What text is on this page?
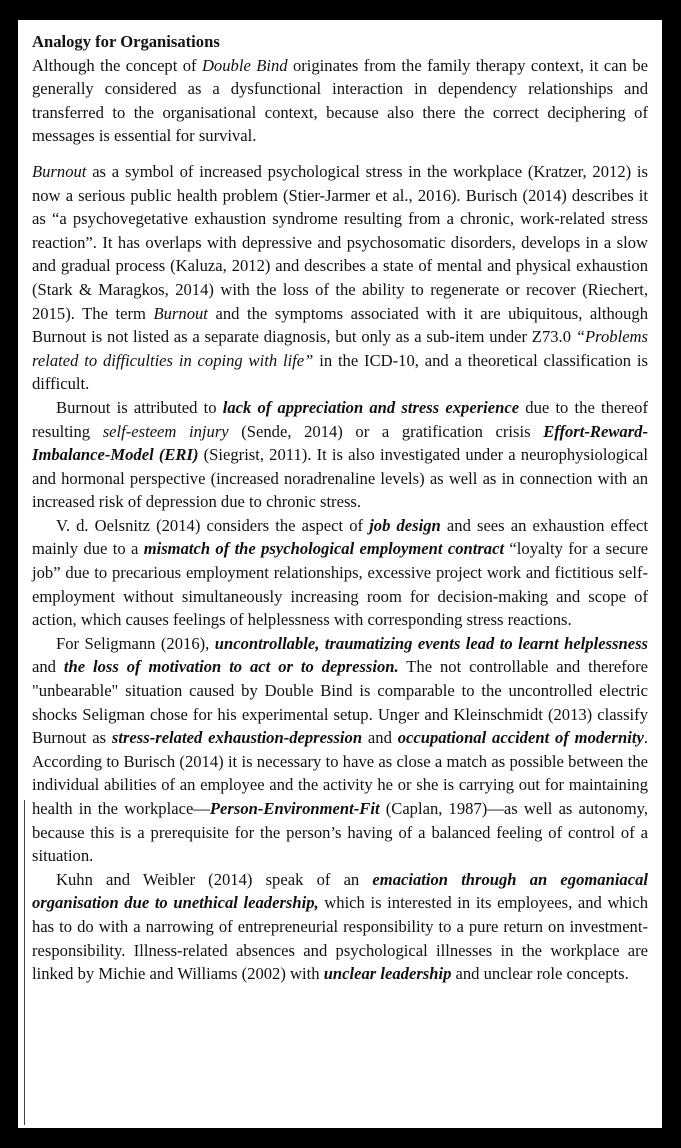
Analogy for Organisations

Although the concept of Double Bind originates from the family therapy context, it can be generally considered as a dysfunctional interaction in dependency relationships and transferred to the organisational context, because also there the correct deciphering of messages is essential for survival.

Burnout as a symbol of increased psychological stress in the workplace (Kratzer, 2012) is now a serious public health problem (Stier-Jarmer et al., 2016). Burisch (2014) describes it as “a psychovegetative exhaustion syndrome resulting from a chronic, work-related stress reaction”. It has overlaps with depressive and psychosomatic disorders, develops in a slow and gradual process (Kaluza, 2012) and describes a state of mental and physical exhaustion (Stark & Maragkos, 2014) with the loss of the ability to regenerate or recover (Riechert, 2015). The term Burnout and the symptoms associated with it are ubiquitous, although Burnout is not listed as a separate diagnosis, but only as a sub-item under Z73.0 “Problems related to difficulties in coping with life” in the ICD-10, and a theoretical classification is difficult.

Burnout is attributed to lack of appreciation and stress experience due to the thereof resulting self-esteem injury (Sende, 2014) or a gratification crisis Effort-Reward-Imbalance-Model (ERI) (Siegrist, 2011). It is also investigated under a neurophysiological and hormonal perspective (increased noradrenaline levels) as well as in connection with an increased risk of depression due to chronic stress.

V. d. Oelsnitz (2014) considers the aspect of job design and sees an exhaustion effect mainly due to a mismatch of the psychological employment contract “loyalty for a secure job” due to precarious employment relationships, excessive project work and fictitious self-employment without simultaneously increasing room for decision-making and scope of action, which causes feelings of helplessness with corresponding stress reactions.

For Seligmann (2016), uncontrollable, traumatizing events lead to learnt helplessness and the loss of motivation to act or to depression. The not controllable and therefore "unbearable" situation caused by Double Bind is comparable to the uncontrolled electric shocks Seligman chose for his experimental setup. Unger and Kleinschmidt (2013) classify Burnout as stress-related exhaustion-depression and occupational accident of modernity. According to Burisch (2014) it is necessary to have as close a match as possible between the individual abilities of an employee and the activity he or she is carrying out for maintaining health in the workplace—Person-Environment-Fit (Caplan, 1987)—as well as autonomy, because this is a prerequisite for the person’s having of a balanced feeling of control of a situation.

Kuhn and Weibler (2014) speak of an emaciation through an egomaniacal organisation due to unethical leadership, which is interested in its employees, and which has to do with a narrowing of entrepreneurial responsibility to a pure return on investment-responsibility. Illness-related absences and psychological illnesses in the workplace are linked by Michie and Williams (2002) with unclear leadership and unclear role concepts.
